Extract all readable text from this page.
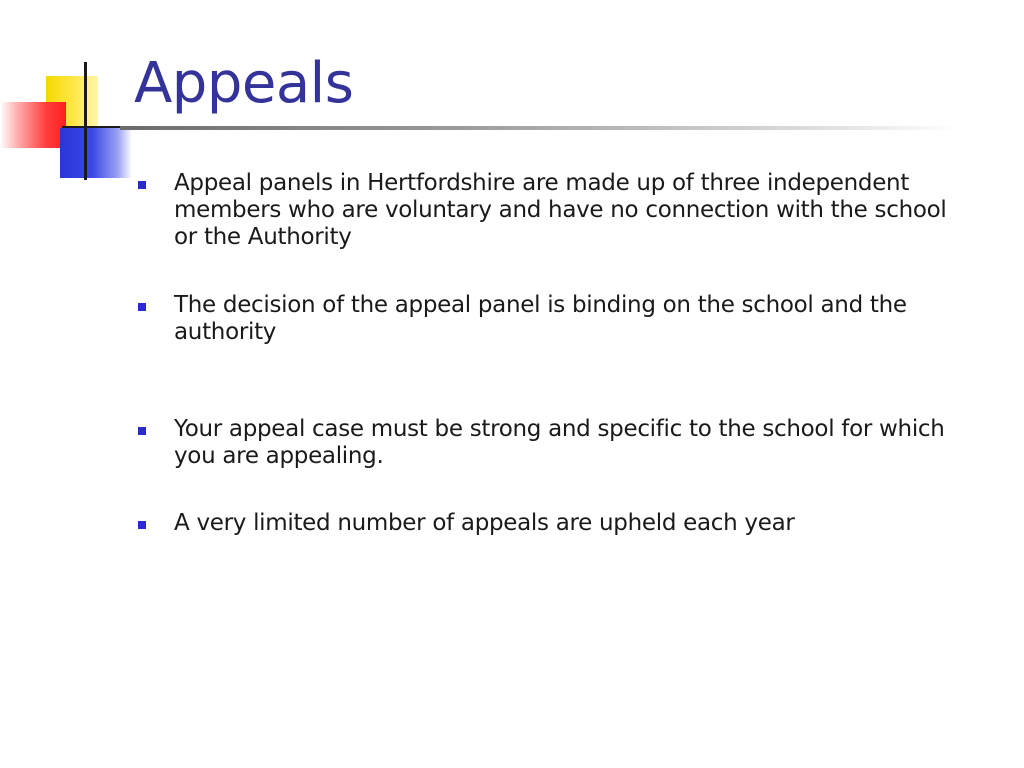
Appeals
Appeal panels in Hertfordshire are made up of three independent members who are voluntary and have no connection with the school or the Authority
The decision of the appeal panel is binding on the school and the authority
Your appeal case must be strong and specific to the school for which you are appealing.
A very limited number of appeals are upheld each year
